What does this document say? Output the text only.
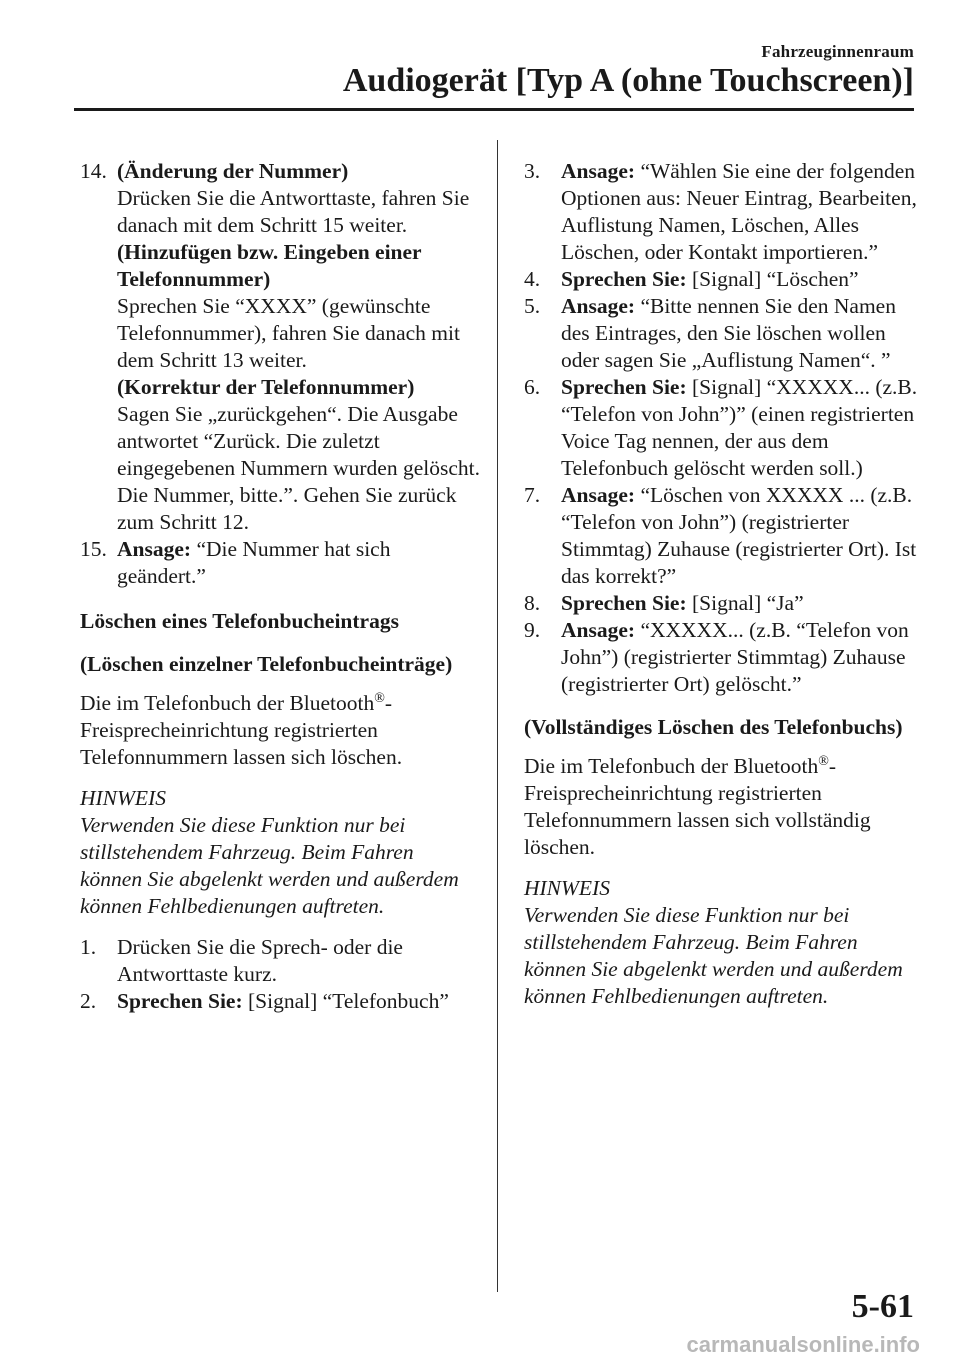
Fahrzeuginnenraum
Audiogerät [Typ A (ohne Touchscreen)]
14. (Änderung der Nummer)

Drücken Sie die Antworttaste, fahren Sie danach mit dem Schritt 15 weiter.

(Hinzufügen bzw. Eingeben einer Telefonnummer)

Sprechen Sie “XXXX” (gewünschte Telefonnummer), fahren Sie danach mit dem Schritt 13 weiter.

(Korrektur der Telefonnummer)

Sagen Sie „zurückgehen“. Die Ausgabe antwortet “Zurück. Die zuletzt eingegebenen Nummern wurden gelöscht. Die Nummer, bitte.”. Gehen Sie zurück zum Schritt 12.

15. Ansage: “Die Nummer hat sich geändert.”

Löschen eines Telefonbucheintrags

(Löschen einzelner Telefonbucheinträge)

Die im Telefonbuch der Bluetooth®-Freisprecheinrichtung registrierten Telefonnummern lassen sich löschen.

HINWEIS

Verwenden Sie diese Funktion nur bei stillstehendem Fahrzeug. Beim Fahren können Sie abgelenkt werden und außerdem können Fehlbedienungen auftreten.

1. Drücken Sie die Sprech- oder die Antworttaste kurz.

2. Sprechen Sie: [Signal] “Telefonbuch”

3. Ansage: “Wählen Sie eine der folgenden Optionen aus: Neuer Eintrag, Bearbeiten, Auflistung Namen, Löschen, Alles Löschen, oder Kontakt importieren.”

4. Sprechen Sie: [Signal] “Löschen”

5. Ansage: “Bitte nennen Sie den Namen des Eintrages, den Sie löschen wollen oder sagen Sie „Auflistung Namen“. ”

6. Sprechen Sie: [Signal] “XXXXX... (z.B. “Telefon von John”)” (einen registrierten Voice Tag nennen, der aus dem Telefonbuch gelöscht werden soll.)

7. Ansage: “Löschen von XXXXX ... (z.B. “Telefon von John”) (registrierter Stimmtag) Zuhause (registrierter Ort). Ist das korrekt?”

8. Sprechen Sie: [Signal] “Ja”

9. Ansage: “XXXXX... (z.B. “Telefon von John”) (registrierter Stimmtag) Zuhause (registrierter Ort) gelöscht.”

(Vollständiges Löschen des Telefonbuchs)

Die im Telefonbuch der Bluetooth®-Freisprecheinrichtung registrierten Telefonnummern lassen sich vollständig löschen.

HINWEIS

Verwenden Sie diese Funktion nur bei stillstehendem Fahrzeug. Beim Fahren können Sie abgelenkt werden und außerdem können Fehlbedienungen auftreten.

5-61
carmanualsonline.info
